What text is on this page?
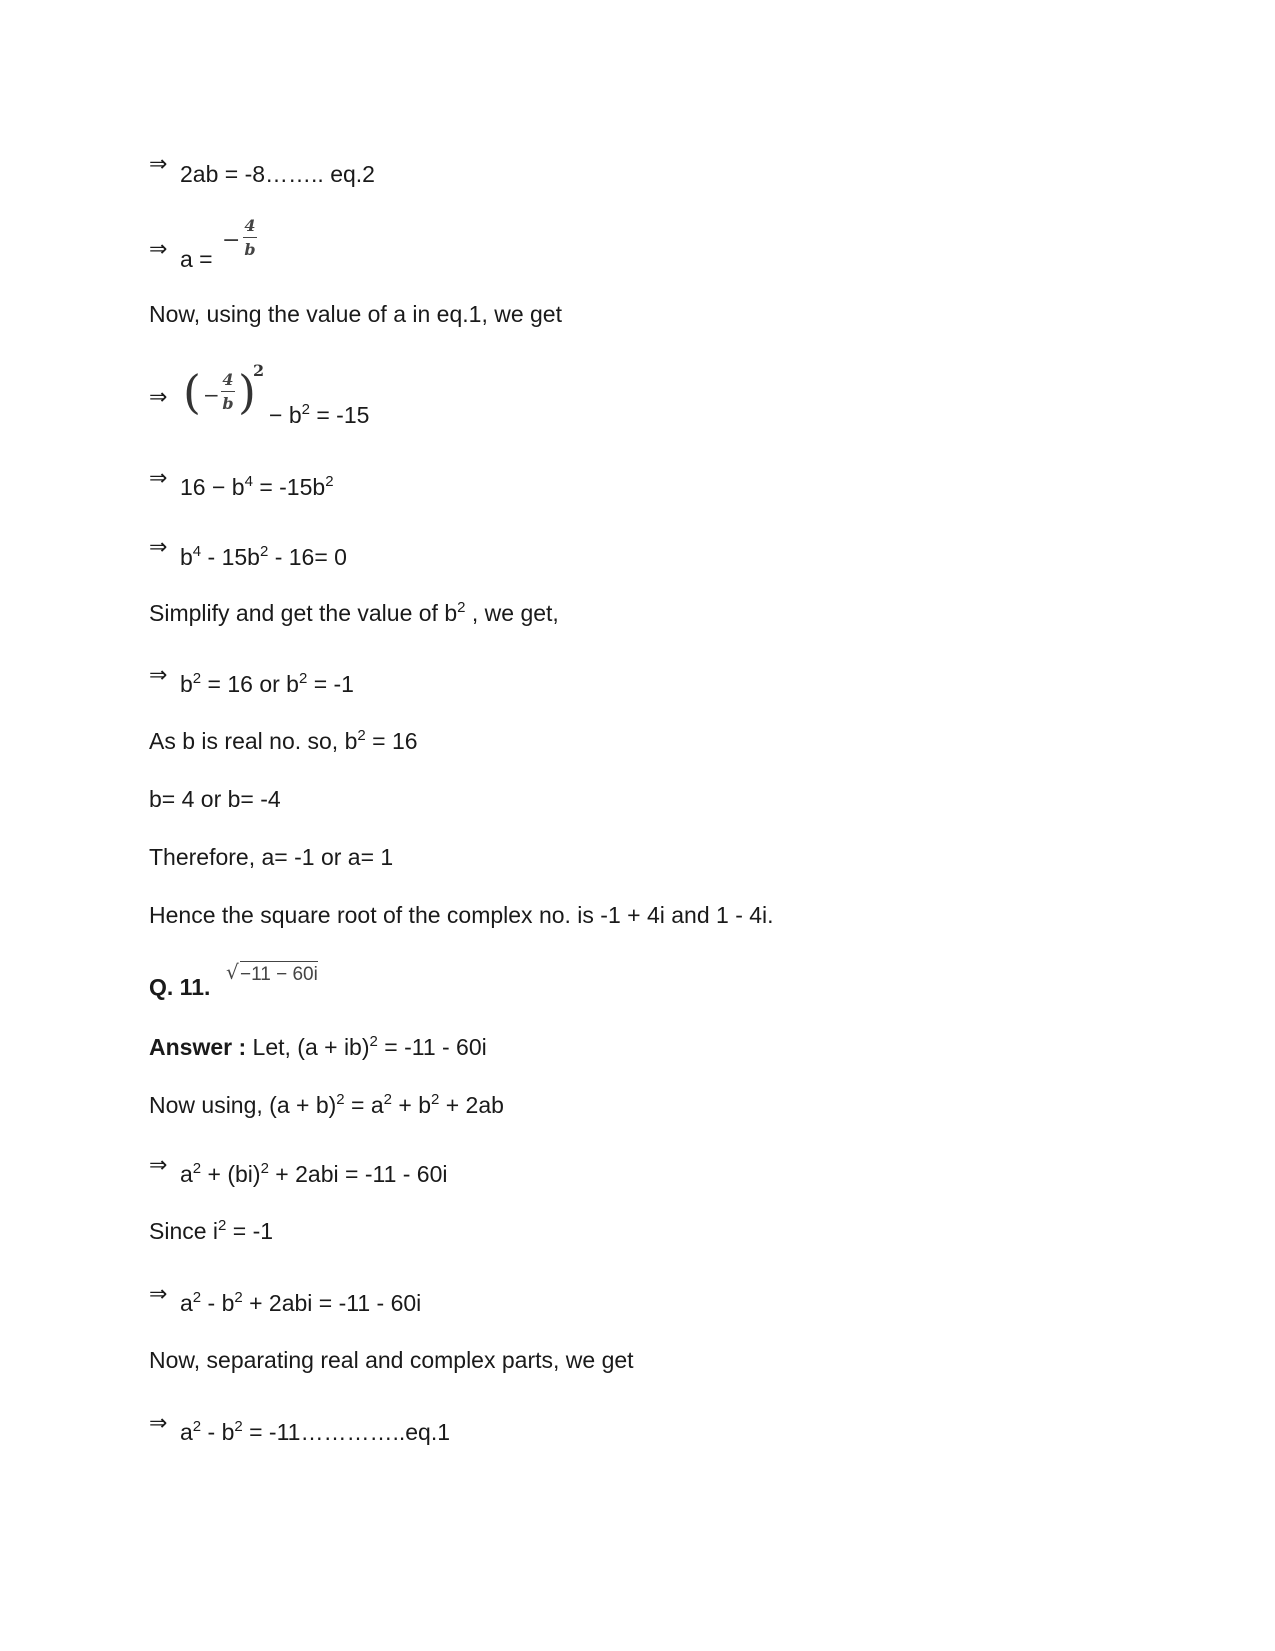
⇒ 2ab = -8…….. eq.2
⇒ a =
−
4
b
Now, using the value of a in eq.1, we get
⇒ ( −
4
b )
2
− $b^2 = -15$
⇒ $16 - b^4 = -15b^2$
⇒ $b^4 - 15b^2 - 16= 0$
Simplify and get the value of $b^2$ , we get,
⇒ $b^2 = 16$ or $b^2 = -1$
As b is real no. so, $b^2 = 16$
b= 4 or b= -4
Therefore, a= -1 or a= 1
Hence the square root of the complex no. is -1 + 4i and 1 - 4i.
Q. 11.
√ −11 − 60i
Answer : Let, (a + ib)$^2$ = -11 - 60i
Now using, $(a + b)^2 = a^2 + b^2 + 2ab$
⇒ $a^2 + (bi)^2 + 2abi = -11 - 60i$
Since $i^2 = -1$
⇒ $a^2 - b^2 + 2abi = -11 - 60i$
Now, separating real and complex parts, we get
⇒ $a^2 - b^2$ = -11…………..eq.1
